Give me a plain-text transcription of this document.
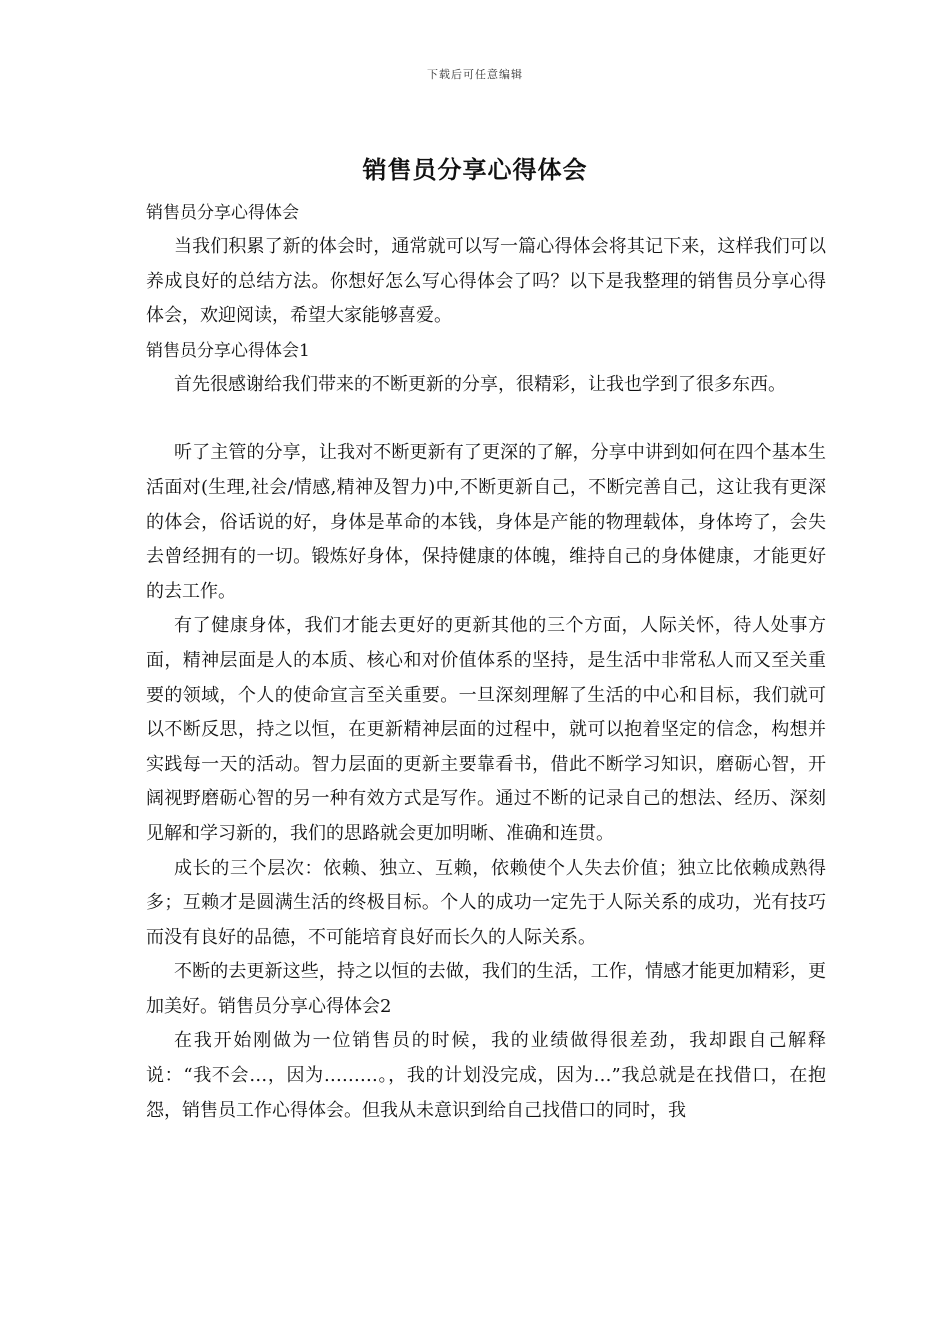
下载后可任意编辑
销售员分享心得体会

销售员分享心得体会

当我们积累了新的体会时，通常就可以写一篇心得体会将其记下来，这样我们可以养成良好的总结方法。你想好怎么写心得体会了吗？以下是我整理的销售员分享心得体会，欢迎阅读，希望大家能够喜爱。

销售员分享心得体会1

首先很感谢给我们带来的不断更新的分享，很精彩，让我也学到了很多东西。

听了主管的分享，让我对不断更新有了更深的了解，分享中讲到如何在四个基本生活面对(生理,社会/情感,精神及智力)中,不断更新自己，不断完善自己，这让我有更深的体会，俗话说的好，身体是革命的本钱，身体是产能的物理载体，身体垮了，会失去曾经拥有的一切。锻炼好身体，保持健康的体魄，维持自己的身体健康，才能更好的去工作。

有了健康身体，我们才能去更好的更新其他的三个方面，人际关怀，待人处事方面，精神层面是人的本质、核心和对价值体系的坚持，是生活中非常私人而又至关重要的领域，个人的使命宣言至关重要。一旦深刻理解了生活的中心和目标，我们就可以不断反思，持之以恒，在更新精神层面的过程中，就可以抱着坚定的信念，构想并实践每一天的活动。智力层面的更新主要靠看书，借此不断学习知识，磨砺心智，开阔视野磨砺心智的另一种有效方式是写作。通过不断的记录自己的想法、经历、深刻见解和学习新的，我们的思路就会更加明晰、准确和连贯。

成长的三个层次：依赖、独立、互赖，依赖使个人失去价值；独立比依赖成熟得多；互赖才是圆满生活的终极目标。个人的成功一定先于人际关系的成功，光有技巧而没有良好的品德，不可能培育良好而长久的人际关系。

不断的去更新这些，持之以恒的去做，我们的生活，工作，情感才能更加精彩，更加美好。销售员分享心得体会2

在我开始刚做为一位销售员的时候，我的业绩做得很差劲，我却跟自己解释说：“我不会…，因为………。，我的计划没完成，因为…”我总就是在找借口，在抱怨，销售员工作心得体会。但我从未意识到给自己找借口的同时，我
